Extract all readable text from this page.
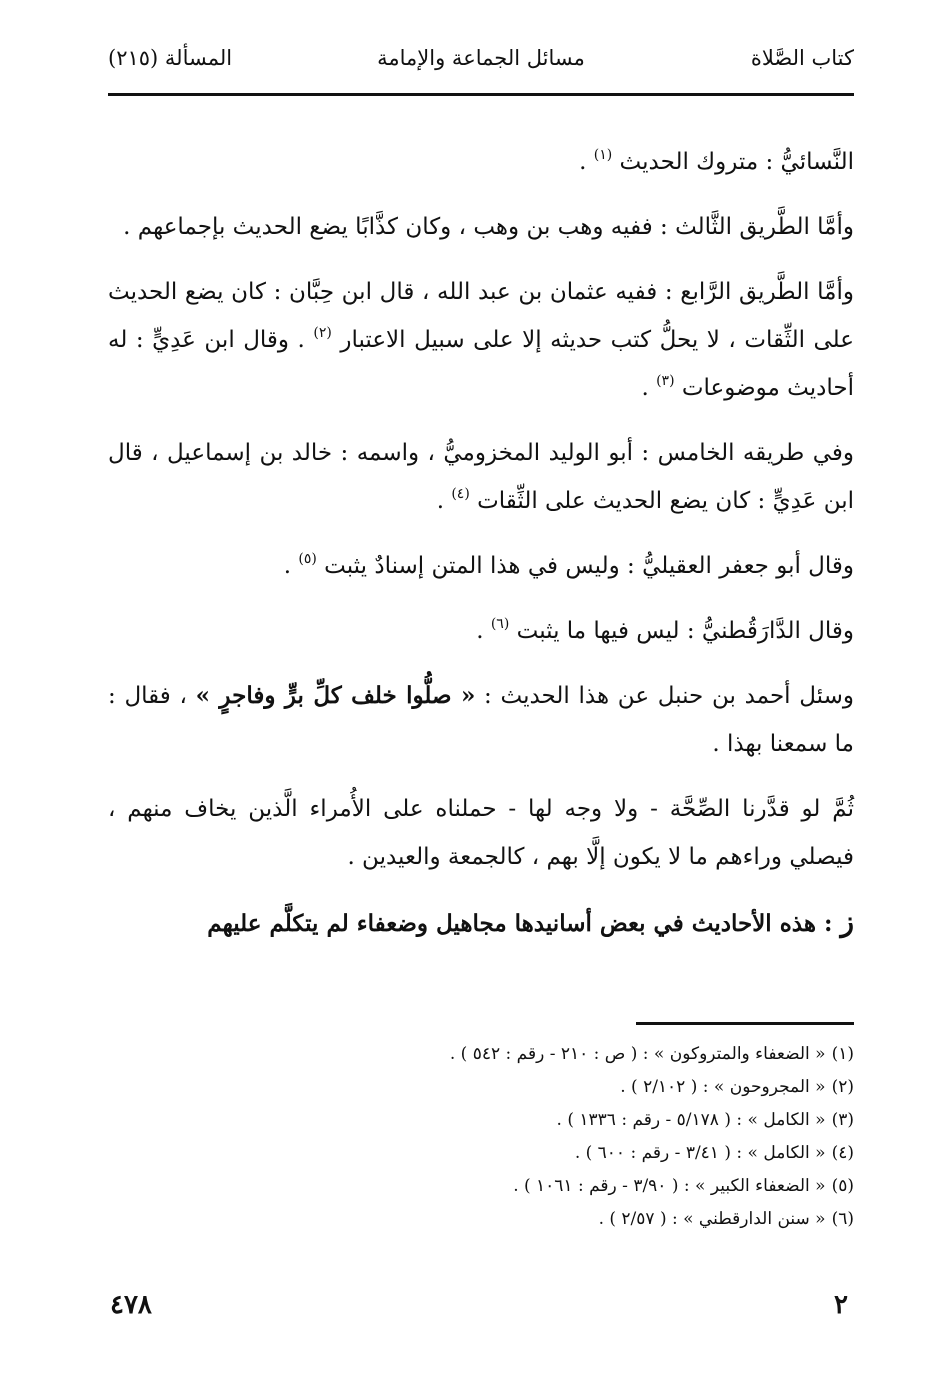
كتاب الصَّلاة
مسائل الجماعة والإمامة
المسألة (٢١٥)

النَّسائيُّ : متروك الحديث $^{(١)}$ .

وأمَّا الطَّريق الثَّالث : ففيه وهب بن وهب ، وكان كذَّابًا يضع الحديث بإجماعهم .

وأمَّا الطَّريق الرَّابع : ففيه عثمان بن عبد الله ، قال ابن حِبَّان : كان يضع الحديث على الثِّقات ، لا يحلُّ كتب حديثه إلا على سبيل الاعتبار $^{(٢)}$ . وقال ابن عَدِيٍّ : له أحاديث موضوعات $^{(٣)}$ .

وفي طريقه الخامس : أبو الوليد المخزوميُّ ، واسمه : خالد بن إسماعيل ، قال ابن عَدِيٍّ : كان يضع الحديث على الثِّقات $^{(٤)}$ .

وقال أبو جعفر العقيليُّ : وليس في هذا المتن إسنادٌ يثبت $^{(٥)}$ .

وقال الدَّارَقُطنيُّ : ليس فيها ما يثبت $^{(٦)}$ .

وسئل أحمد بن حنبل عن هذا الحديث : « صلُّوا خلف كلِّ برٍّ وفاجرٍ » ، فقال : ما سمعنا بهذا .

ثُمَّ لو قدَّرنا الصِّحَّة - ولا وجه لها - حملناه على الأُمراء الَّذين يخاف منهم ، فيصلي وراءهم ما لا يكون إلَّا بهم ، كالجمعة والعيدين .

ز : هذه الأحاديث في بعض أسانيدها مجاهيل وضعفاء لم يتكلَّم عليهم

(١)« الضعفاء والمتروكون » : ( ص : ٢١٠ - رقم : ٥٤٢ ) .
(٢)« المجروحون » : ( ٢/١٠٢ ) .
(٣)« الكامل » : ( ٥/١٧٨ - رقم : ١٣٣٦ ) .
(٤)« الكامل » : ( ٣/٤١ - رقم : ٦٠٠ ) .
(٥)« الضعفاء الكبير » : ( ٣/٩٠ - رقم : ١٠٦١ ) .
(٦)« سنن الدارقطني » : ( ٢/٥٧ ) .
٤٧٨	٢
